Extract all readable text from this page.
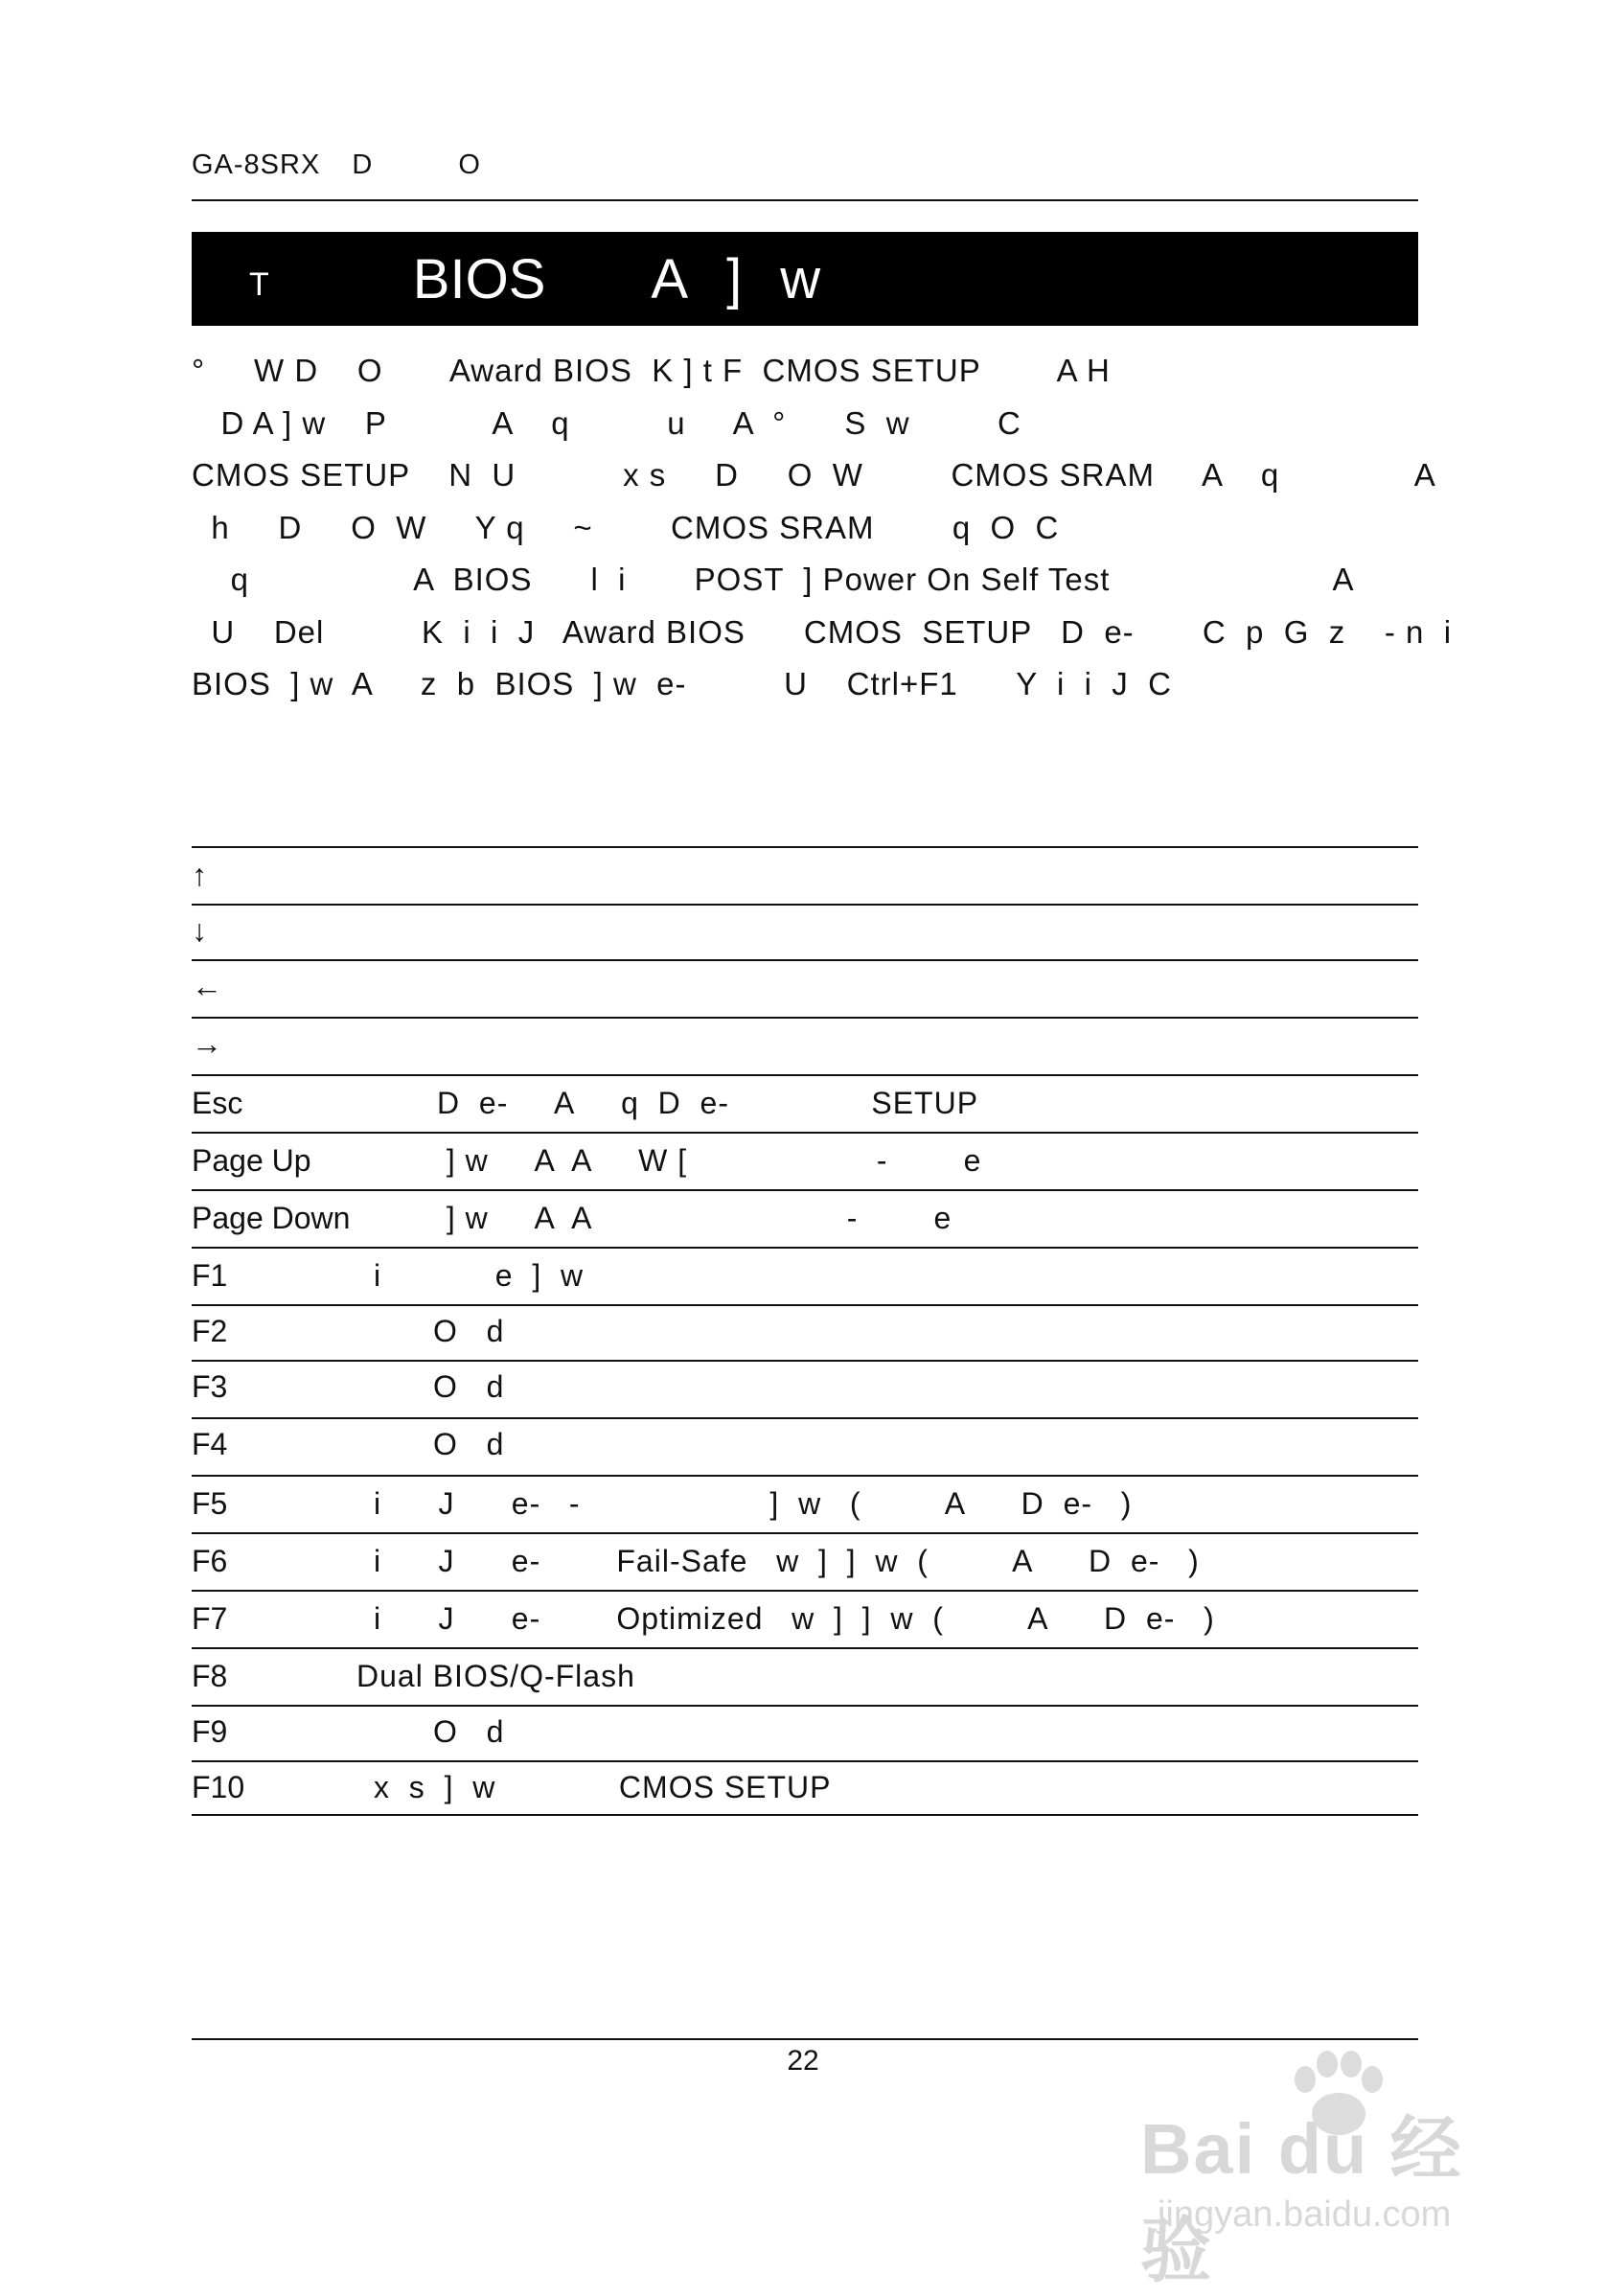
GA-8SRX D	O
T	BIOS A ] w
°     W D    O       Award BIOS  K ] t F  CMOS SETUP        A H
D A ] w    P           A    q          u     A  °      S  w         C
CMOS SETUP    N  U           x s     D     O  W         CMOS SRAM     A    q              A
h     D     O  W     Y q     ~        CMOS SRAM        q  O  C
q                 A  BIOS      l  i       POST  ] Power On Self Test                       A
U    Del          K  i  i  J   Award BIOS      CMOS  SETUP   D  e-       C  p  G  z    - n  i
BIOS  ] w  A     z  b  BIOS  ] w  e-          U    Ctrl+F1      Y  i  i  J  C
↑
↓
←
→
Esc	D  e-     A     q  D  e-               SETUP
Page Up	] w     A  A     W [                    -        e
Page Down	] w     A  A                           -        e
F1	i            e  ]  w
F2	O   d
F3	O   d
F4	O   d
F5	i      J      e-   -                    ]  w   (         A      D  e-   )
F6	i      J      e-        Fail-Safe   w  ]  ]  w  (         A      D  e-   )
F7	i      J      e-        Optimized   w  ]  ]  w  (         A      D  e-   )
F8	Dual BIOS/Q-Flash
F9	O   d
F10	x  s  ]  w             CMOS SETUP
22
Bai du 经验
jingyan.baidu.com
